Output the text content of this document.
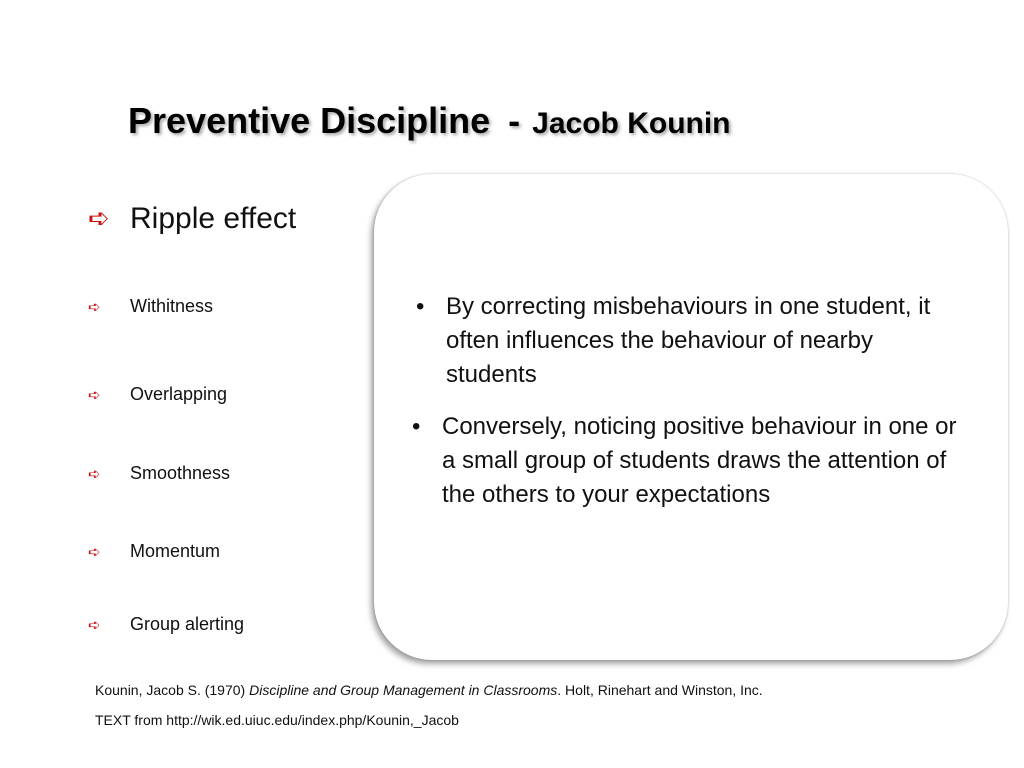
Preventive Discipline - Jacob Kounin
➪ Ripple effect
➪	Withitness
➪	Overlapping
➪	Smoothness
➪	Momentum
➪	Group alerting
• By correcting misbehaviours in one student, it often influences the behaviour of nearby students
• Conversely, noticing positive behaviour in one or a small group of students draws the attention of the others to your expectations
Kounin, Jacob S. (1970) Discipline and Group Management in Classrooms. Holt, Rinehart and Winston, Inc.
TEXT from http://wik.ed.uiuc.edu/index.php/Kounin,_Jacob
